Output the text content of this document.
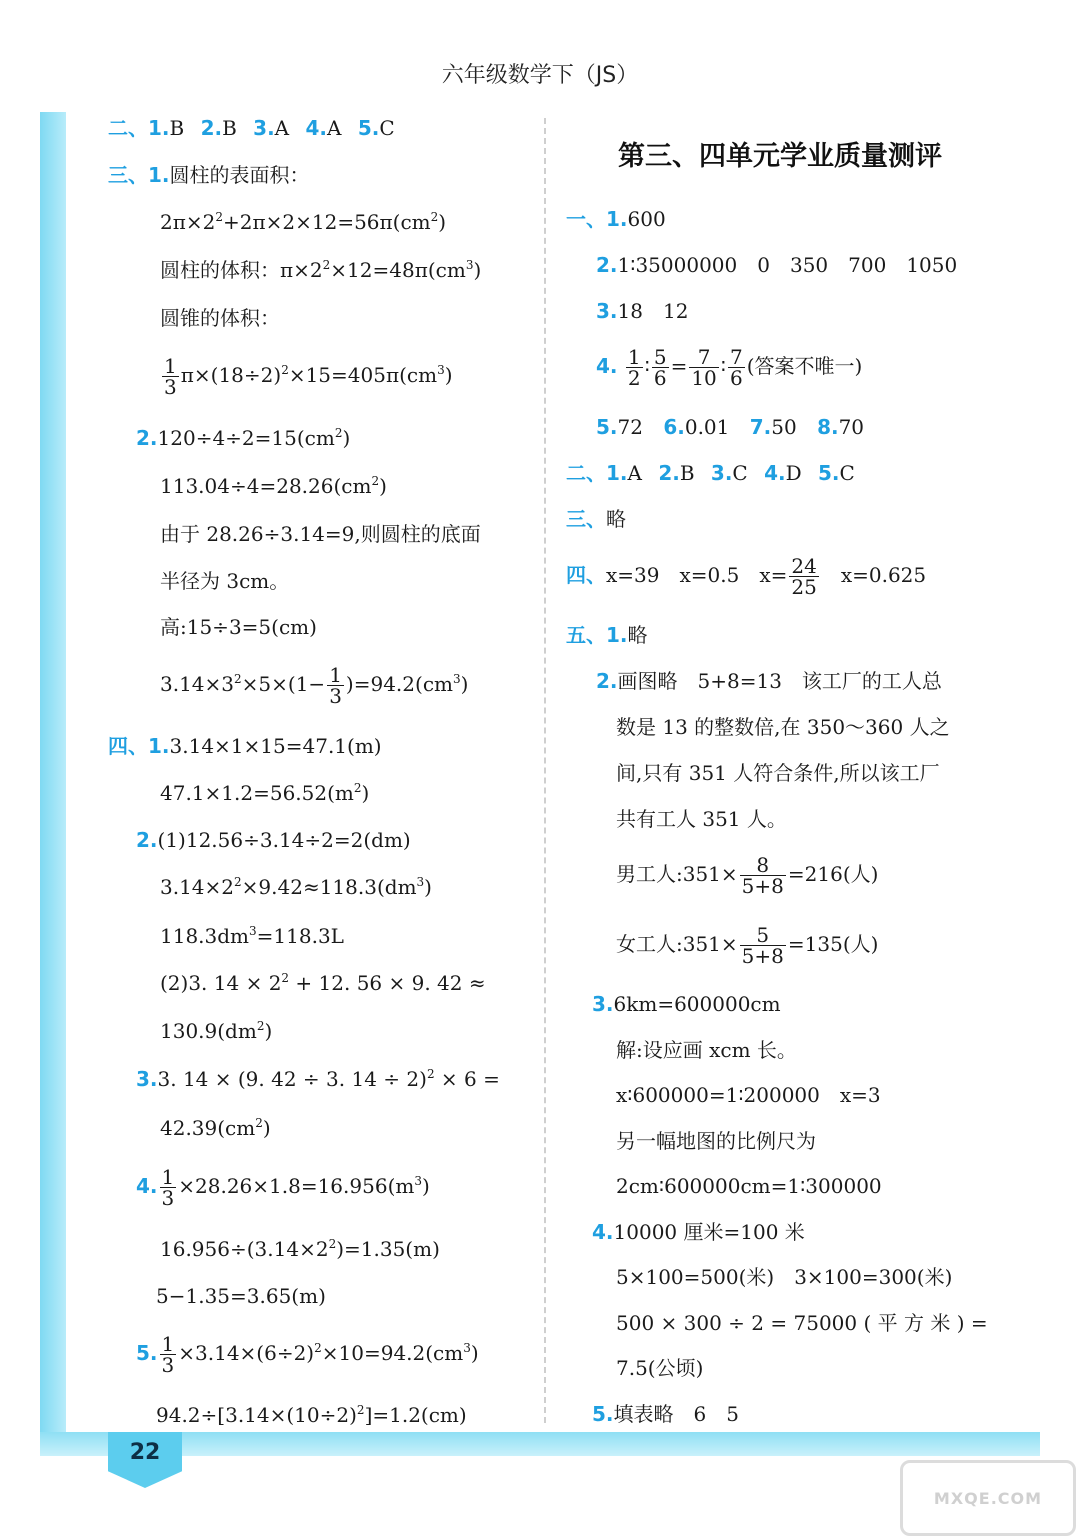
22
六年级数学下（JS）
二、1.B 2.B 3.A 4.A 5.C
三、1.圆柱的表面积：
$2\pi\times 2^2+2\pi\times 2\times 12=56\pi(cm^2)$
圆柱的体积：$\pi\times 2^2\times 12=48\pi(cm^3)$
圆锥的体积：
$\frac{1}{3} \pi\times(18\div 2)^2\times 15=405\pi(cm^3)$
$2.120\div 4\div 2=15(cm^2)$
$113.04\div 4=28.26(cm^2)$
由于 28.26÷3.14=9,则圆柱的底面
半径为 3cm。
高:15÷3=5(cm)
$3.14\times 3^2\times 5\times(1- \frac{1}{3} )=94.2(cm^3)$
四、1.3.14×1×15=47.1(m)
$47.1\times 1.2=56.52(m^2)$
2.(1)12.56÷3.14÷2=2(dm)
$3.14\times 2^2\times 9.42\approx 118.3(dm^3)$
$118.3dm^3=118.3L$
(2)3. $14 \times 2^2 + 12$. 56 × 9. 42 ≈
$130.9(dm^2)$
3.3. 14 × (9. 42 ÷ 3. 14 ÷ 2)$^2$ × 6 =
$42.39(cm^2)$
4. $\frac{1}{3} \times 28.26\times 1.8=16.956(m^3)$
$16.956\div(3.14\times 2^2)=1.35(m)$
5−1.35=3.65(m)
5. $\frac{1}{3} \times 3.14\times(6\div 2)^2\times 10=94.2(cm^3)$
$94.2\div[3.14\times(10\div 2)^2]=1.2(cm)$
第三、四单元学业质量测评
一、1.600
2.1∶35000000　0　350　700　1050
3.18　12
4. $\frac{1}{2}$ ∶ $\frac{5}{6} = \frac{7}{10}$ ∶ $\frac{7}{6}$ (答案不唯一)
5.72 6.0.01 7.50 8.70
二、1.A 2.B 3.C 4.D 5.C
三、略
四、x=39　x=0.5　$x= \frac{24}{25}$ 　x=0.625
五、1.略
2.画图略　5+8=13　该工厂的工人总
数是 13 的整数倍,在 350～360 人之
间,只有 351 人符合条件,所以该工厂
共有工人 351 人。
男工人:351× $\frac{8}{5+8} =216$(人)
女工人:351× $\frac{5}{5+8} =135$(人)
3.6km=600000cm
解:设应画 xcm 长。
x∶600000=1∶200000　x=3
另一幅地图的比例尺为
2cm∶600000cm=1∶300000
4.10000 厘米=100 米
5×100=500(米)　3×100=300(米)
500 × 300 ÷ 2 = 75000 ( 平 方 米 ) =
7.5(公顷)
5.填表略　6　5
MXQE.COM
